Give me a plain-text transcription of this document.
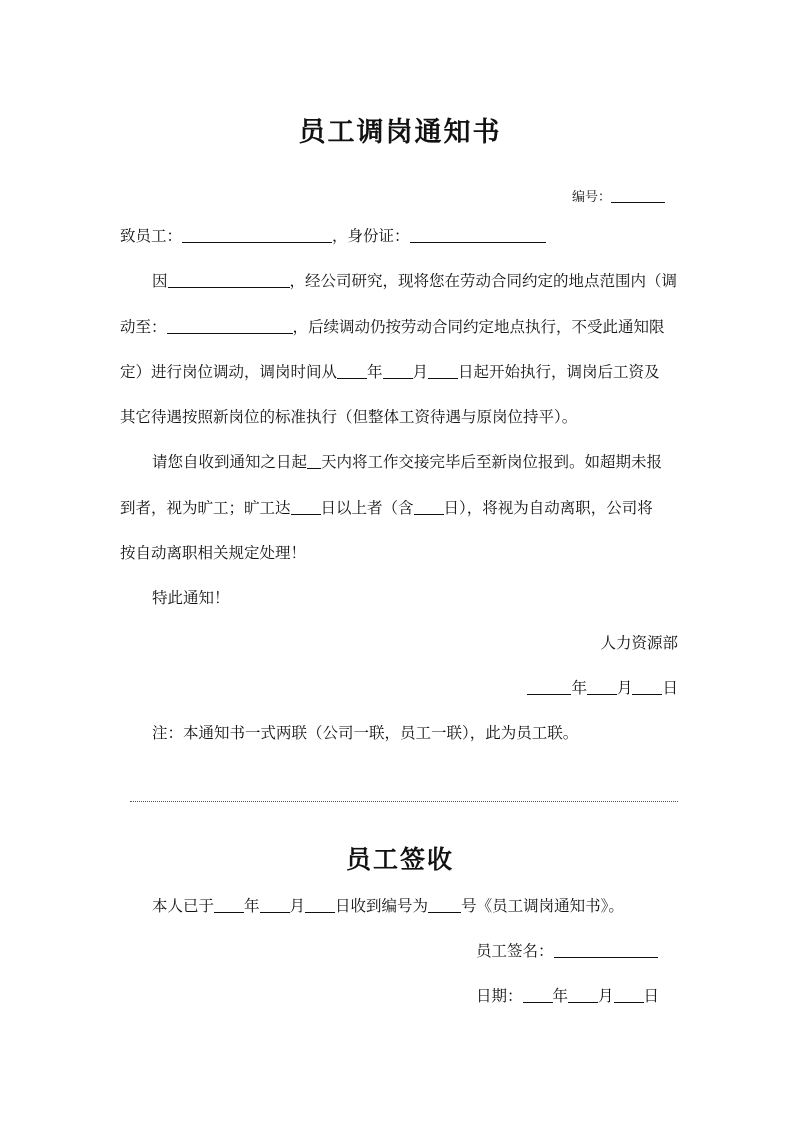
员工调岗通知书
编号：
致员工：	，身份证：
因	，经公司研究，现将您在劳动合同约定的地点范围内（调
动至：	，后续调动仍按劳动合同约定地点执行，不受此通知限
定）进行岗位调动，调岗时间从 年 月 日起开始执行，调岗后工资及
其它待遇按照新岗位的标准执行（但整体工资待遇与原岗位持平）。
请您自收到通知之日起 天内将工作交接完毕后至新岗位报到。如超期未报
到者，视为旷工；旷工达 日以上者（含 日），将视为自动离职，公司将
按自动离职相关规定处理！
特此通知！
人力资源部
年 月 日
注：本通知书一式两联（公司一联，员工一联），此为员工联。
员工签收
本人已于 年 月 日收到编号为 号《员工调岗通知书》。
员工签名：
日期： 年 月 日
